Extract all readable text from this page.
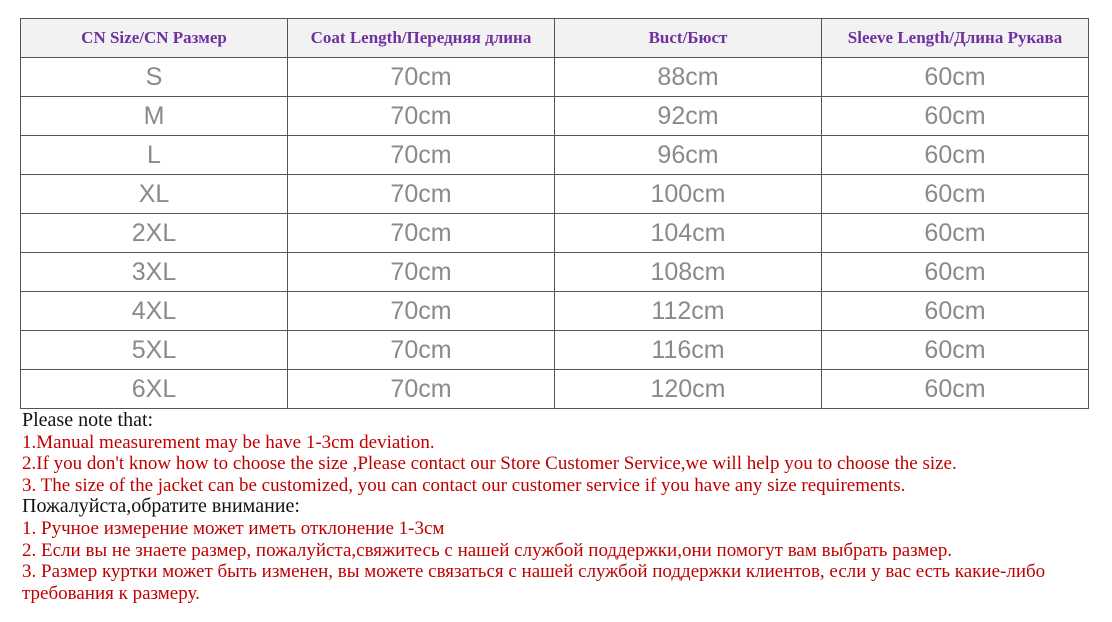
CN Size/CN Размер	Coat Length/Передняя длина	Buct/Бюст	Sleeve Length/Длина Рукава
S	70cm	88cm	60cm
M	70cm	92cm	60cm
L	70cm	96cm	60cm
XL	70cm	100cm	60cm
2XL	70cm	104cm	60cm
3XL	70cm	108cm	60cm
4XL	70cm	112cm	60cm
5XL	70cm	116cm	60cm
6XL	70cm	120cm	60cm
Please note that:
1.Manual measurement may be have 1-3cm deviation.
2.If you don't know how to choose the size ,Please contact our Store Customer Service,we will help you to choose the size.
3. The size of the jacket can be customized, you can contact our customer service if you have any size requirements.
Пожалуйста,обратите внимание:
1. Ручное измерение может иметь отклонение 1-3см
2. Если вы не знаете размер, пожалуйста,свяжитесь с нашей службой поддержки,они помогут вам выбрать размер.
3. Размер куртки может быть изменен, вы можете связаться с нашей службой поддержки клиентов, если у вас есть какие-либо требования к размеру.
